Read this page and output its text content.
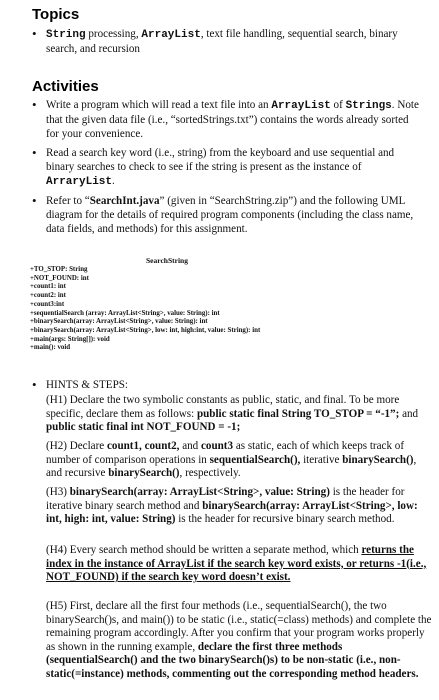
Topics
• String processing, ArrayList, text file handling, sequential search, binary search, and recursion
Activities
• Write a program which will read a text file into an ArrayList of Strings. Note that the given data file (i.e., “sortedStrings.txt”) contains the words already sorted for your convenience.
• Read a search key word (i.e., string) from the keyboard and use sequential and binary searches to check to see if the string is present as the instance of ArraryList.
• Refer to “SearchInt.java” (given in “SearchString.zip”) and the following UML diagram for the details of required program components (including the class name, data fields, and methods) for this assignment.
SearchString
+TO_STOP: String
+NOT_FOUND: int
+count1: int
+count2: int
+count3:int
+sequentialSearch (array: ArrayList<String>, value: String): int
+binarySearch(array: ArrayList<String>, value: String): int
+binarySearch(array: ArrayList<String>, low: int, high:int, value: String): int
+main(args: String[]): void
+main(): void
• HINTS & STEPS:
(H1) Declare the two symbolic constants as public, static, and final. To be more specific, declare them as follows: public static final String TO_STOP = “-1”; and public static final int NOT_FOUND = -1;
(H2) Declare count1, count2, and count3 as static, each of which keeps track of number of comparison operations in sequentialSearch(), iterative binarySearch(), and recursive binarySearch(), respectively.
(H3) binarySearch(array: ArrayList<String>, value: String) is the header for iterative binary search method and binarySearch(array: ArrayList<String>, low: int, high: int, value: String) is the header for recursive binary search method.
(H4) Every search method should be written a separate method, which returns the index in the instance of ArrayList if the search key word exists, or returns -1(i.e., NOT_FOUND) if the search key word doesn’t exist.
(H5) First, declare all the first four methods (i.e., sequentialSearch(), the two binarySearch()s, and main()) to be static (i.e., static(=class) methods) and complete the remaining program accordingly. After you confirm that your program works properly as shown in the running example, declare the first three methods (sequentialSearch() and the two binarySearch()s) to be non-static (i.e., non-static(=instance) methods, commenting out the corresponding method headers.
